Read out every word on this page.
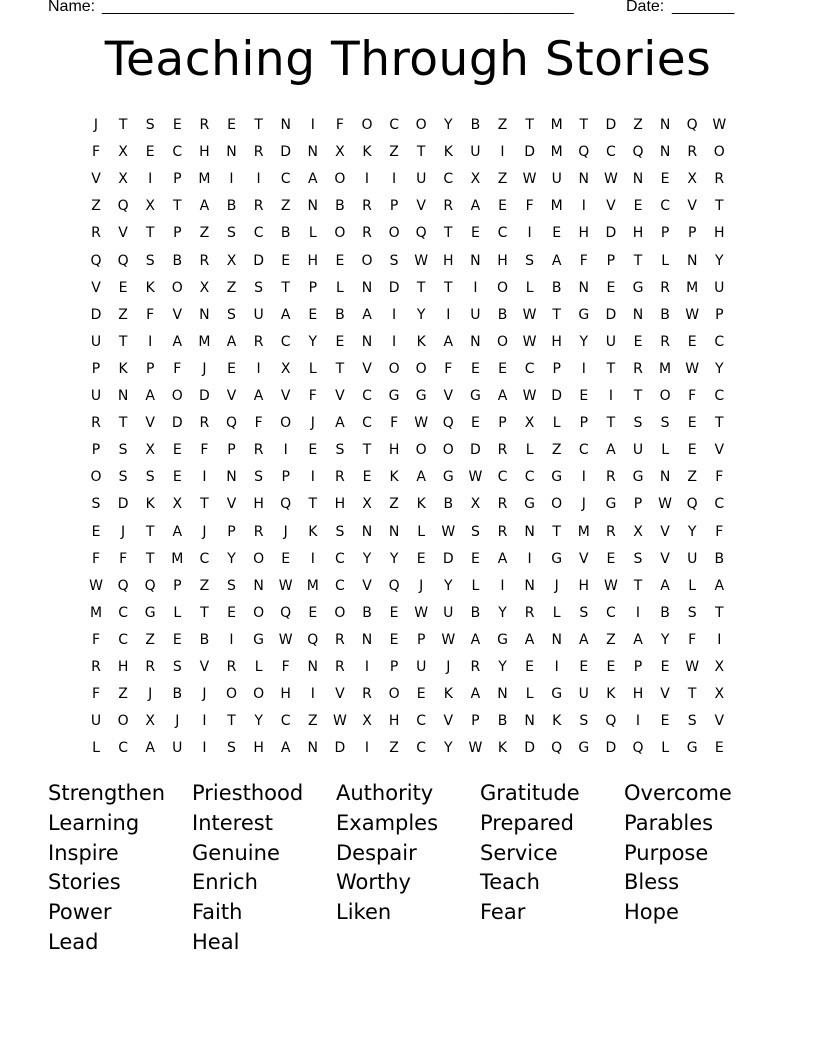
Name: _____________________________________________________	Date: _______
Teaching Through Stories
J	T	S	E	R	E	T	N	I	F	O	C	O	Y	B	Z	T	M	T	D	Z	N	Q	W
F	X	E	C	H	N	R	D	N	X	K	Z	T	K	U	I	D	M	Q	C	Q	N	R	O
V	X	I	P	M	I	I	C	A	O	I	I	U	C	X	Z	W	U	N	W	N	E	X	R
Z	Q	X	T	A	B	R	Z	N	B	R	P	V	R	A	E	F	M	I	V	E	C	V	T
R	V	T	P	Z	S	C	B	L	O	R	O	Q	T	E	C	I	E	H	D	H	P	P	H
Q	Q	S	B	R	X	D	E	H	E	O	S	W	H	N	H	S	A	F	P	T	L	N	Y
V	E	K	O	X	Z	S	T	P	L	N	D	T	T	I	O	L	B	N	E	G	R	M	U
D	Z	F	V	N	S	U	A	E	B	A	I	Y	I	U	B	W	T	G	D	N	B	W	P
U	T	I	A	M	A	R	C	Y	E	N	I	K	A	N	O	W	H	Y	U	E	R	E	C
P	K	P	F	J	E	I	X	L	T	V	O	O	F	E	E	C	P	I	T	R	M	W	Y
U	N	A	O	D	V	A	V	F	V	C	G	G	V	G	A	W	D	E	I	T	O	F	C
R	T	V	D	R	Q	F	O	J	A	C	F	W	Q	E	P	X	L	P	T	S	S	E	T
P	S	X	E	F	P	R	I	E	S	T	H	O	O	D	R	L	Z	C	A	U	L	E	V
O	S	S	E	I	N	S	P	I	R	E	K	A	G	W	C	C	G	I	R	G	N	Z	F
S	D	K	X	T	V	H	Q	T	H	X	Z	K	B	X	R	G	O	J	G	P	W	Q	C
E	J	T	A	J	P	R	J	K	S	N	N	L	W	S	R	N	T	M	R	X	V	Y	F
F	F	T	M	C	Y	O	E	I	C	Y	Y	E	D	E	A	I	G	V	E	S	V	U	B
W	Q	Q	P	Z	S	N	W	M	C	V	Q	J	Y	L	I	N	J	H	W	T	A	L	A
M	C	G	L	T	E	O	Q	E	O	B	E	W	U	B	Y	R	L	S	C	I	B	S	T
F	C	Z	E	B	I	G	W	Q	R	N	E	P	W	A	G	A	N	A	Z	A	Y	F	I
R	H	R	S	V	R	L	F	N	R	I	P	U	J	R	Y	E	I	E	E	P	E	W	X
F	Z	J	B	J	O	O	H	I	V	R	O	E	K	A	N	L	G	U	K	H	V	T	X
U	O	X	J	I	T	Y	C	Z	W	X	H	C	V	P	B	N	K	S	Q	I	E	S	V
L	C	A	U	I	S	H	A	N	D	I	Z	C	Y	W	K	D	Q	G	D	Q	L	G	E
Strengthen
Learning
Inspire
Stories
Power
Lead
Priesthood
Interest
Genuine
Enrich
Faith
Heal
Authority
Examples
Despair
Worthy
Liken
Gratitude
Prepared
Service
Teach
Fear
Overcome
Parables
Purpose
Bless
Hope
